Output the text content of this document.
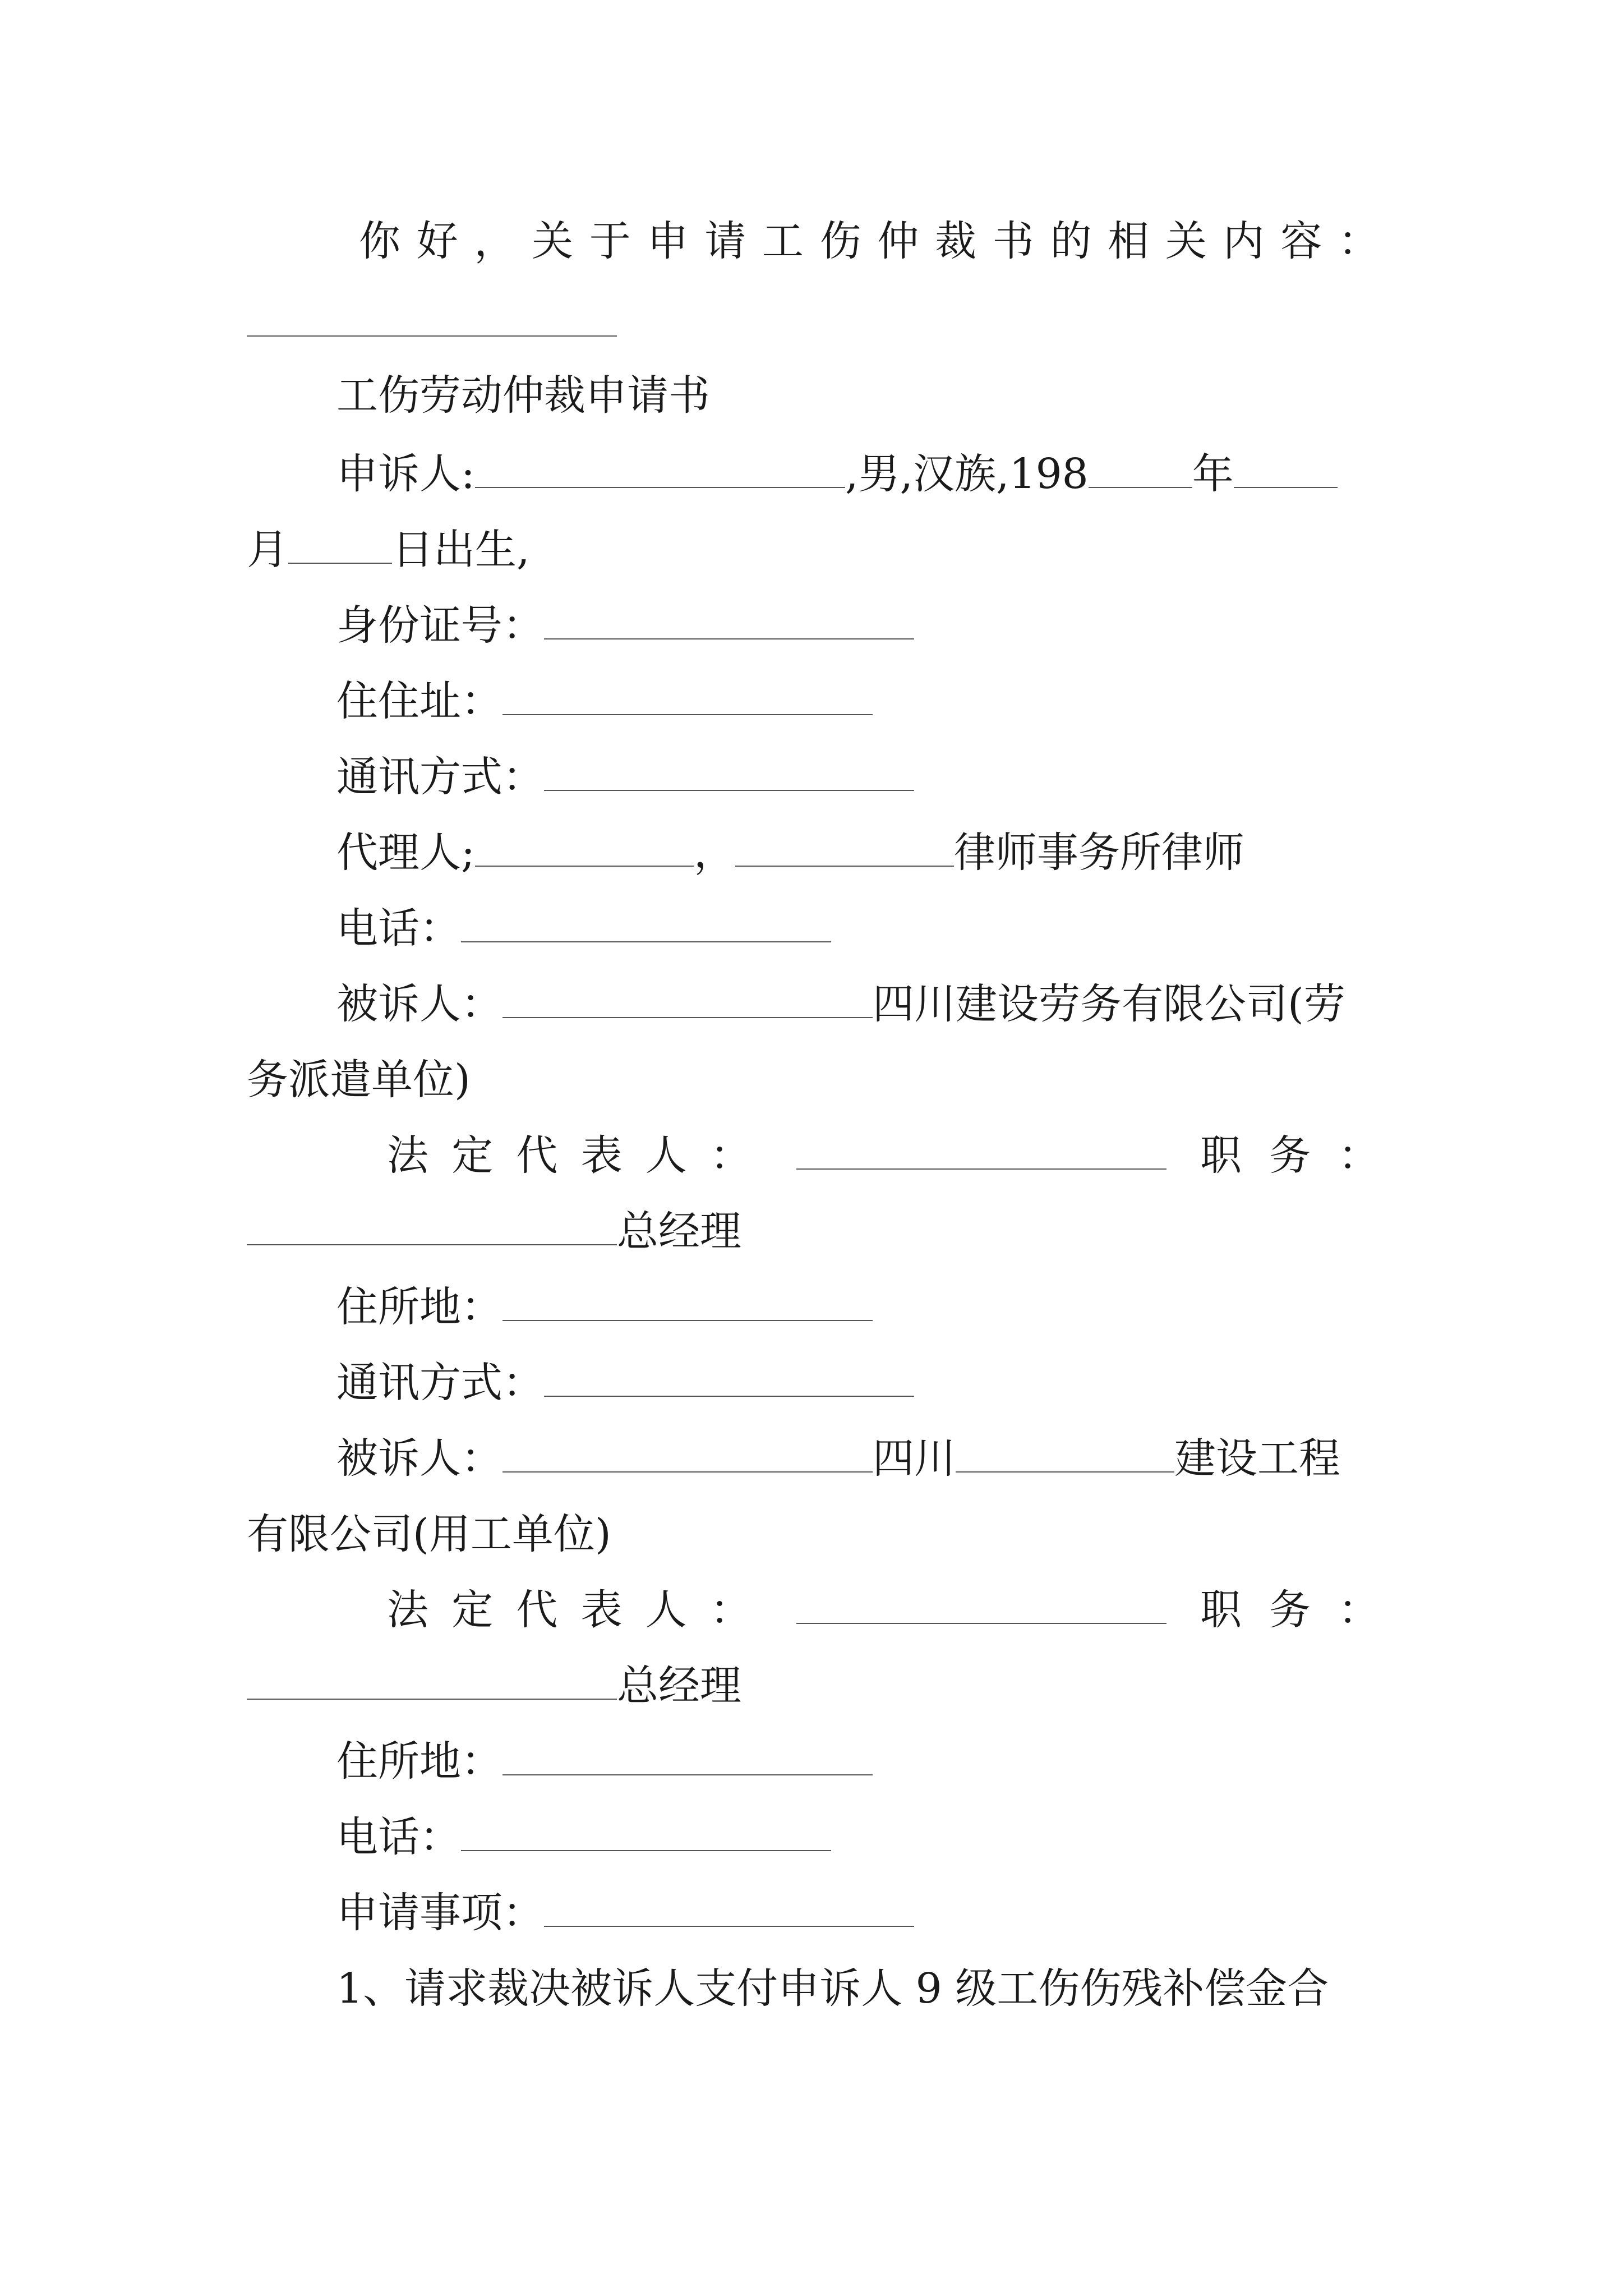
你 好 ， 关 于 申 请 工 伤 仲 裁 书 的 相 关 内 容 ：
工伤劳动仲裁申请书
申诉人:	,男,汉族,198	年
月	日出生,
身份证号：
住住址：
通讯方式：
代理人;	，	律师事务所律师
电话：
被诉人：	四川建设劳务有限公司(劳
务派遣单位)
法 定 代 表 人 ：	职 务 ：
总经理
住所地：
通讯方式：
被诉人：	四川	建设工程
有限公司(用工单位)
法 定 代 表 人 ：	职 务 ：
总经理
住所地：
电话：
申请事项：
1、请求裁决被诉人支付申诉人 9 级工伤伤残补偿金合
